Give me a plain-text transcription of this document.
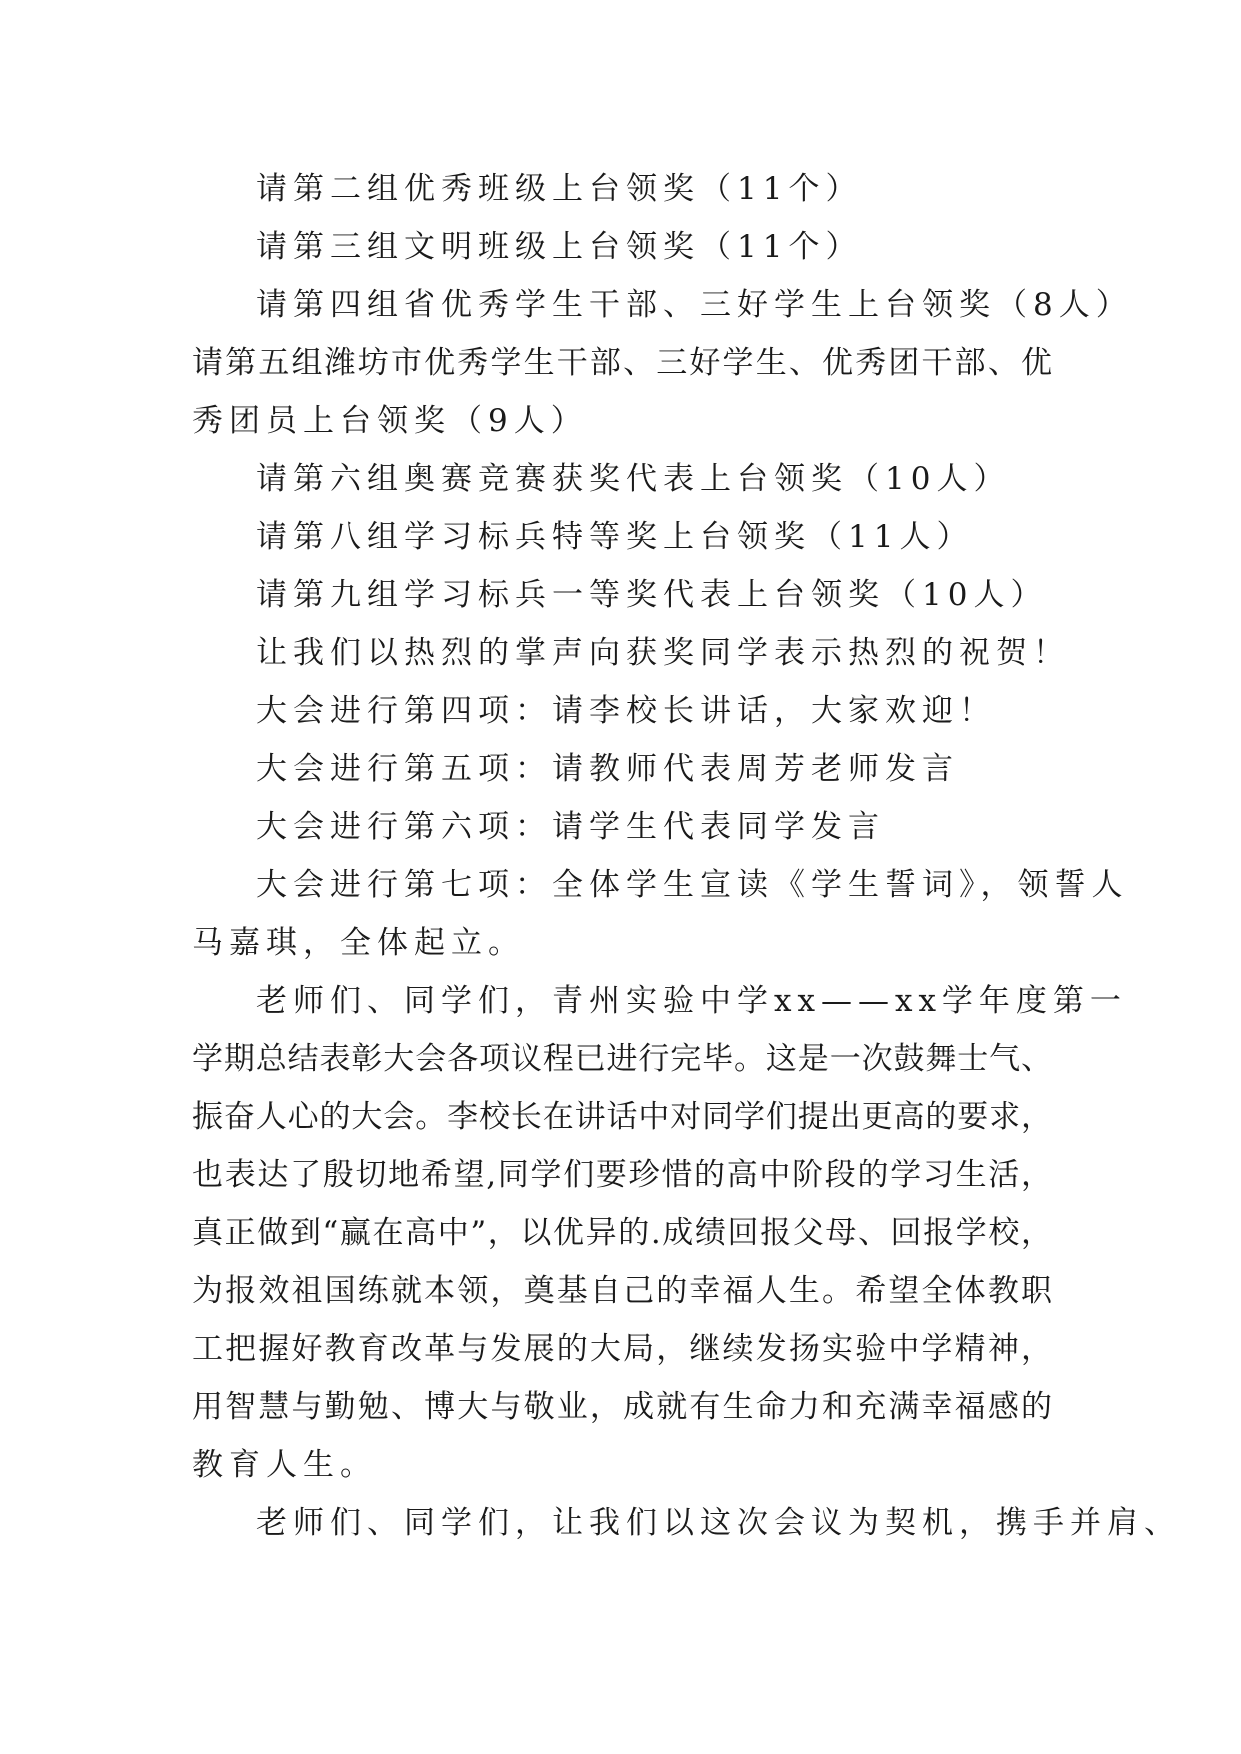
请第二组优秀班级上台领奖（11个）
请第三组文明班级上台领奖（11个）
请第四组省优秀学生干部、三好学生上台领奖（8人）
请第五组潍坊市优秀学生干部、三好学生、优秀团干部、优
秀团员上台领奖（9人）
请第六组奥赛竞赛获奖代表上台领奖（10人）
请第八组学习标兵特等奖上台领奖（11人）
请第九组学习标兵一等奖代表上台领奖（10人）
让我们以热烈的掌声向获奖同学表示热烈的祝贺！
大会进行第四项：请李校长讲话，大家欢迎！
大会进行第五项：请教师代表周芳老师发言
大会进行第六项：请学生代表同学发言
大会进行第七项：全体学生宣读《学生誓词》，领誓人
马嘉琪，全体起立。
老师们、同学们，青州实验中学xx——xx学年度第一
学期总结表彰大会各项议程已进行完毕。这是一次鼓舞士气、
振奋人心的大会。李校长在讲话中对同学们提出更高的要求，
也表达了殷切地希望,同学们要珍惜的高中阶段的学习生活，
真正做到“赢在高中”，以优异的.成绩回报父母、回报学校，
为报效祖国练就本领，奠基自己的幸福人生。希望全体教职
工把握好教育改革与发展的大局，继续发扬实验中学精神，
用智慧与勤勉、博大与敬业，成就有生命力和充满幸福感的
教育人生。
老师们、同学们，让我们以这次会议为契机，携手并肩、
